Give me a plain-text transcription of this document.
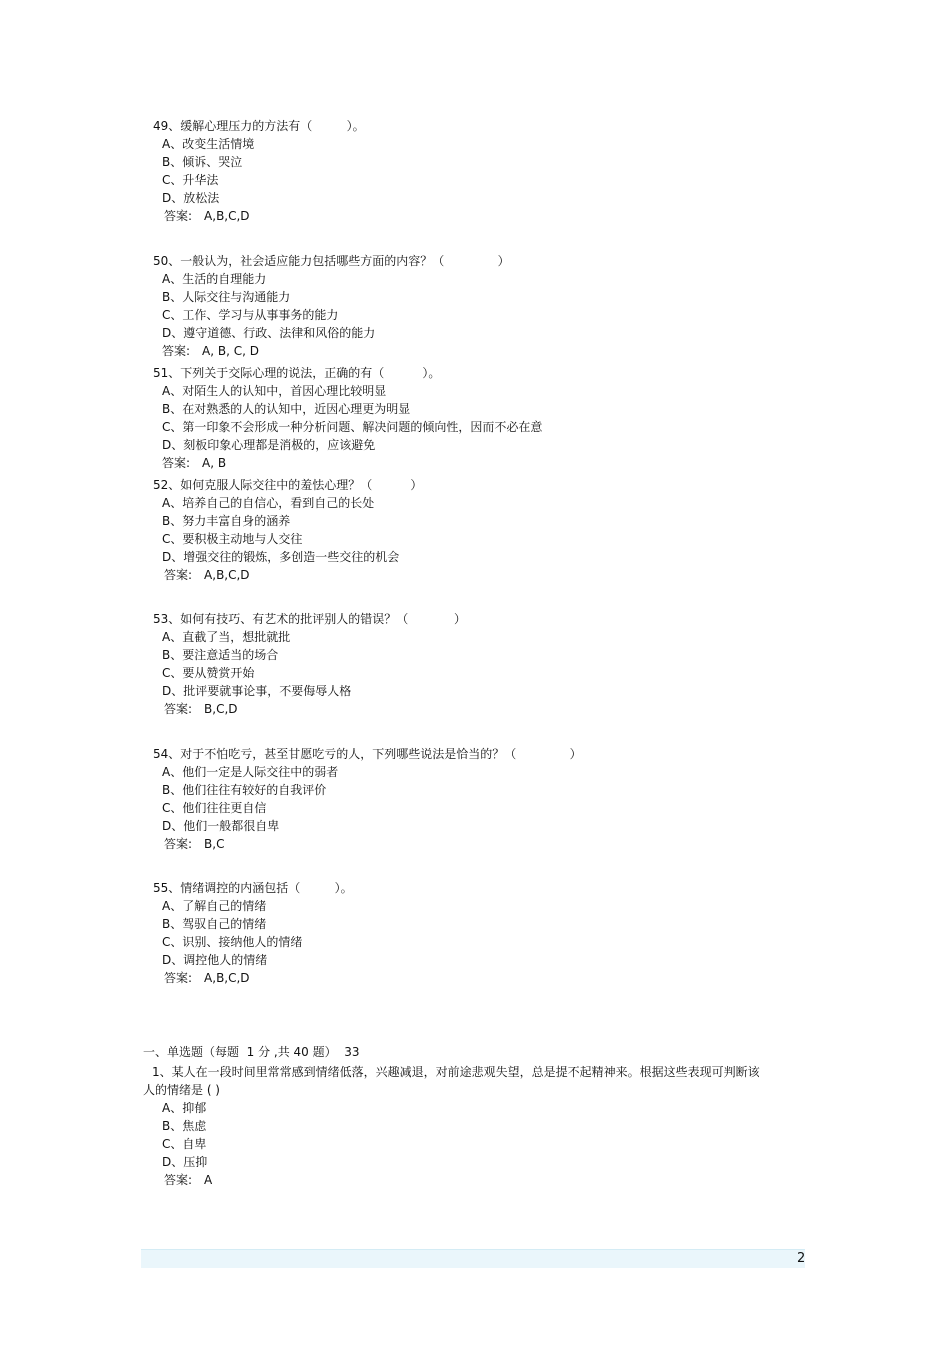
49、缓解心理压力的方法有（         ）。
A、改变生活情境
B、倾诉、哭泣
C、升华法
D、放松法
答案: A,B,C,D
50、一般认为，社会适应能力包括哪些方面的内容？（              ）
A、生活的自理能力
B、人际交往与沟通能力
C、工作、学习与从事事务的能力
D、遵守道德、行政、法律和风俗的能力
答案: A, B, C, D
51、下列关于交际心理的说法，正确的有（          ）。
A、对陌生人的认知中，首因心理比较明显
B、在对熟悉的人的认知中，近因心理更为明显
C、第一印象不会形成一种分析问题、解决问题的倾向性，因而不必在意
D、刻板印象心理都是消极的，应该避免
答案: A, B
52、如何克服人际交往中的羞怯心理？（          ）
A、培养自己的自信心，看到自己的长处
B、努力丰富自身的涵养
C、要积极主动地与人交往
D、增强交往的锻炼，多创造一些交往的机会
答案: A,B,C,D
53、如何有技巧、有艺术的批评别人的错误？（            ）
A、直截了当，想批就批
B、要注意适当的场合
C、要从赞赏开始
D、批评要就事论事，不要侮辱人格
答案: B,C,D
54、对于不怕吃亏，甚至甘愿吃亏的人，下列哪些说法是恰当的？（              ）
A、他们一定是人际交往中的弱者
B、他们往往有较好的自我评价
C、他们往往更自信
D、他们一般都很自卑
答案: B,C
55、情绪调控的内涵包括（         ）。
A、了解自己的情绪
B、驾驭自己的情绪
C、识别、接纳他人的情绪
D、调控他人的情绪
答案: A,B,C,D
一、单选题（每题  1 分 ,共 40 题）  33
1、某人在一段时间里常常感到情绪低落，兴趣减退，对前途悲观失望，总是提不起精神来。根据这些表现可判断该人的情绪是 ( )
A、抑郁
B、焦虑
C、自卑
D、压抑
答案: A
2
